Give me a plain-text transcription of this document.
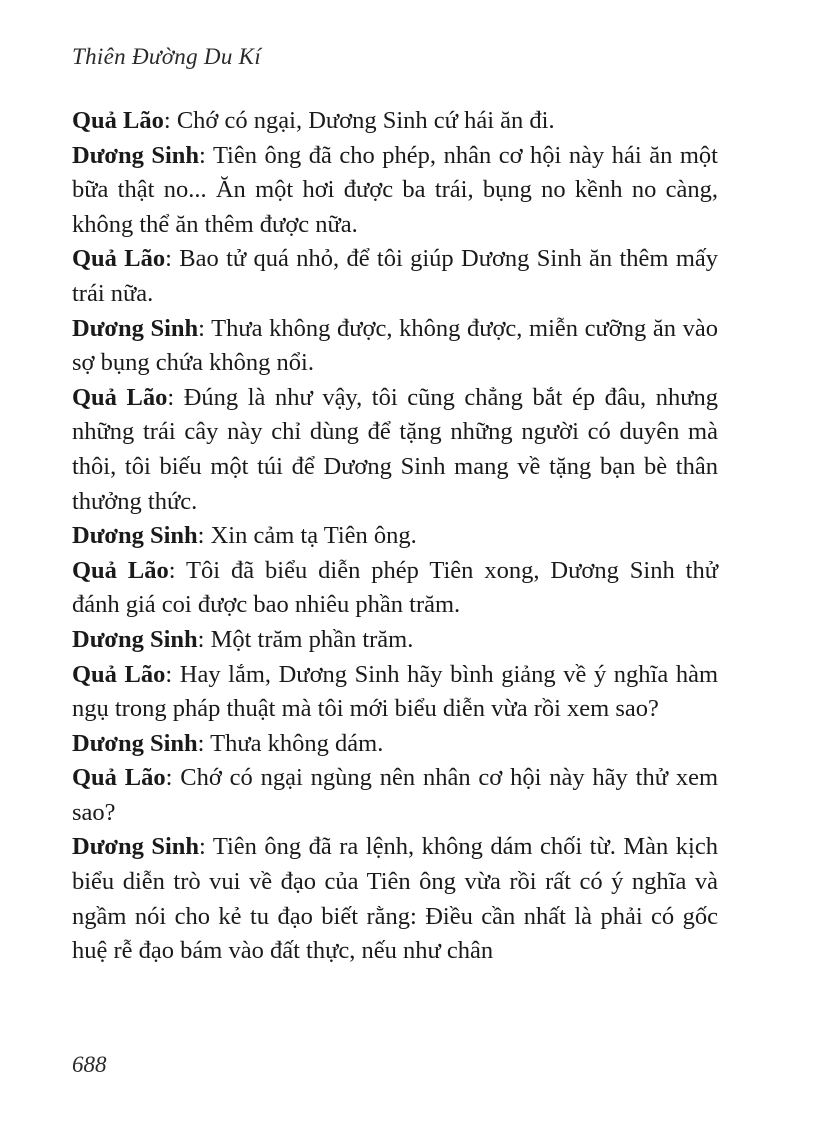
Thiên Đường Du Kí

Quả Lão: Chớ có ngại, Dương Sinh cứ hái ăn đi.

Dương Sinh: Tiên ông đã cho phép, nhân cơ hội này hái ăn một bữa thật no... Ăn một hơi được ba trái, bụng no kềnh no càng, không thể ăn thêm được nữa.

Quả Lão: Bao tử quá nhỏ, để tôi giúp Dương Sinh ăn thêm mấy trái nữa.

Dương Sinh: Thưa không được, không được, miễn cưỡng ăn vào sợ bụng chứa không nổi.

Quả Lão: Đúng là như vậy, tôi cũng chẳng bắt ép đâu, nhưng những trái cây này chỉ dùng để tặng những người có duyên mà thôi, tôi biếu một túi để Dương Sinh mang về tặng bạn bè thân thưởng thức.

Dương Sinh: Xin cảm tạ Tiên ông.

Quả Lão: Tôi đã biểu diễn phép Tiên xong, Dương Sinh thử đánh giá coi được bao nhiêu phần trăm.

Dương Sinh: Một trăm phần trăm.

Quả Lão: Hay lắm, Dương Sinh hãy bình giảng về ý nghĩa hàm ngụ trong pháp thuật mà tôi mới biểu diễn vừa rồi xem sao?

Dương Sinh: Thưa không dám.

Quả Lão: Chớ có ngại ngùng nên nhân cơ hội này hãy thử xem sao?

Dương Sinh: Tiên ông đã ra lệnh, không dám chối từ. Màn kịch biểu diễn trò vui về đạo của Tiên ông vừa rồi rất có ý nghĩa và ngầm nói cho kẻ tu đạo biết rằng: Điều cần nhất là phải có gốc huệ rễ đạo bám vào đất thực, nếu như chân

688
